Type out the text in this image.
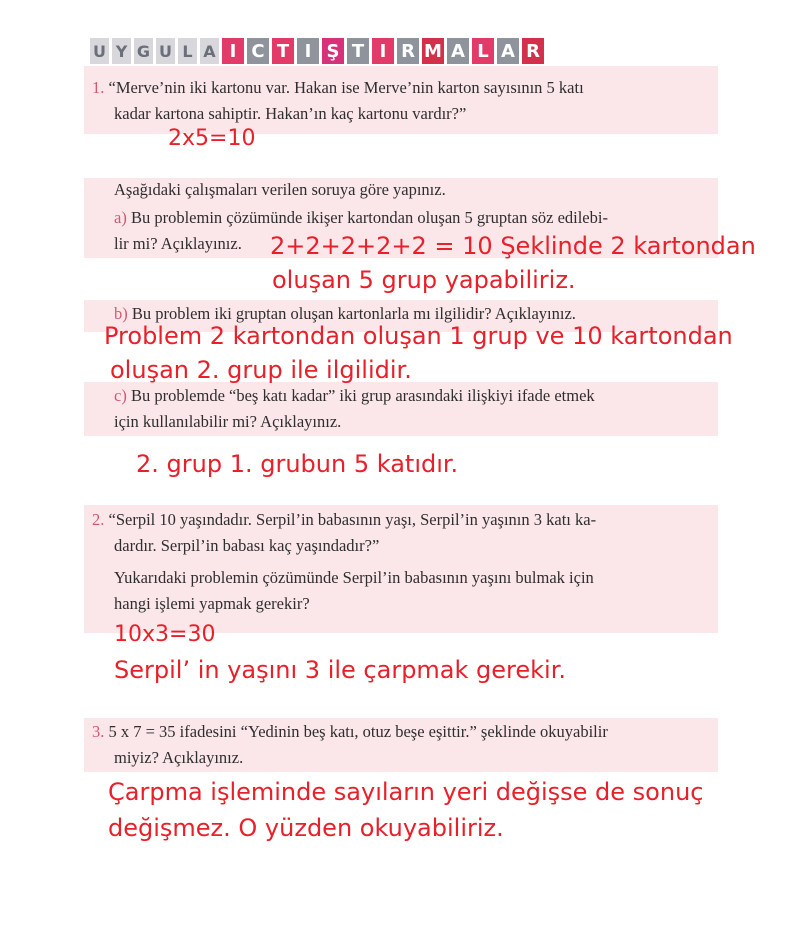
U Y G U L A I C T I Ş T I R M A L A R
1. “Merve’nin iki kartonu var. Hakan ise Merve’nin karton sayısının 5 katı
kadar kartona sahiptir. Hakan’ın kaç kartonu vardır?”
2x5=10
Aşağıdaki çalışmaları verilen soruya göre yapınız.
a) Bu problemin çözümünde ikişer kartondan oluşan 5 gruptan söz edilebi-
lir mi? Açıklayınız. 2+2+2+2+2 = 10 Şeklinde 2 kartondan
oluşan 5 grup yapabiliriz.
b) Bu problem iki gruptan oluşan kartonlarla mı ilgilidir? Açıklayınız.
Problem 2 kartondan oluşan 1 grup ve 10 kartondan
oluşan 2. grup ile ilgilidir.
c) Bu problemde “beş katı kadar” iki grup arasındaki ilişkiyi ifade etmek
için kullanılabilir mi? Açıklayınız.
2. grup 1. grubun 5 katıdır.
2. “Serpil 10 yaşındadır. Serpil’in babasının yaşı, Serpil’in yaşının 3 katı ka-
dardır. Serpil’in babası kaç yaşındadır?”
Yukarıdaki problemin çözümünde Serpil’in babasının yaşını bulmak için
hangi işlemi yapmak gerekir?
10x3=30
Serpil’ in yaşını 3 ile çarpmak gerekir.
3. 5 x 7 = 35 ifadesini “Yedinin beş katı, otuz beşe eşittir.” şeklinde okuyabilir
miyiz? Açıklayınız.
Çarpma işleminde sayıların yeri değişse de sonuç
değişmez. O yüzden okuyabiliriz.
